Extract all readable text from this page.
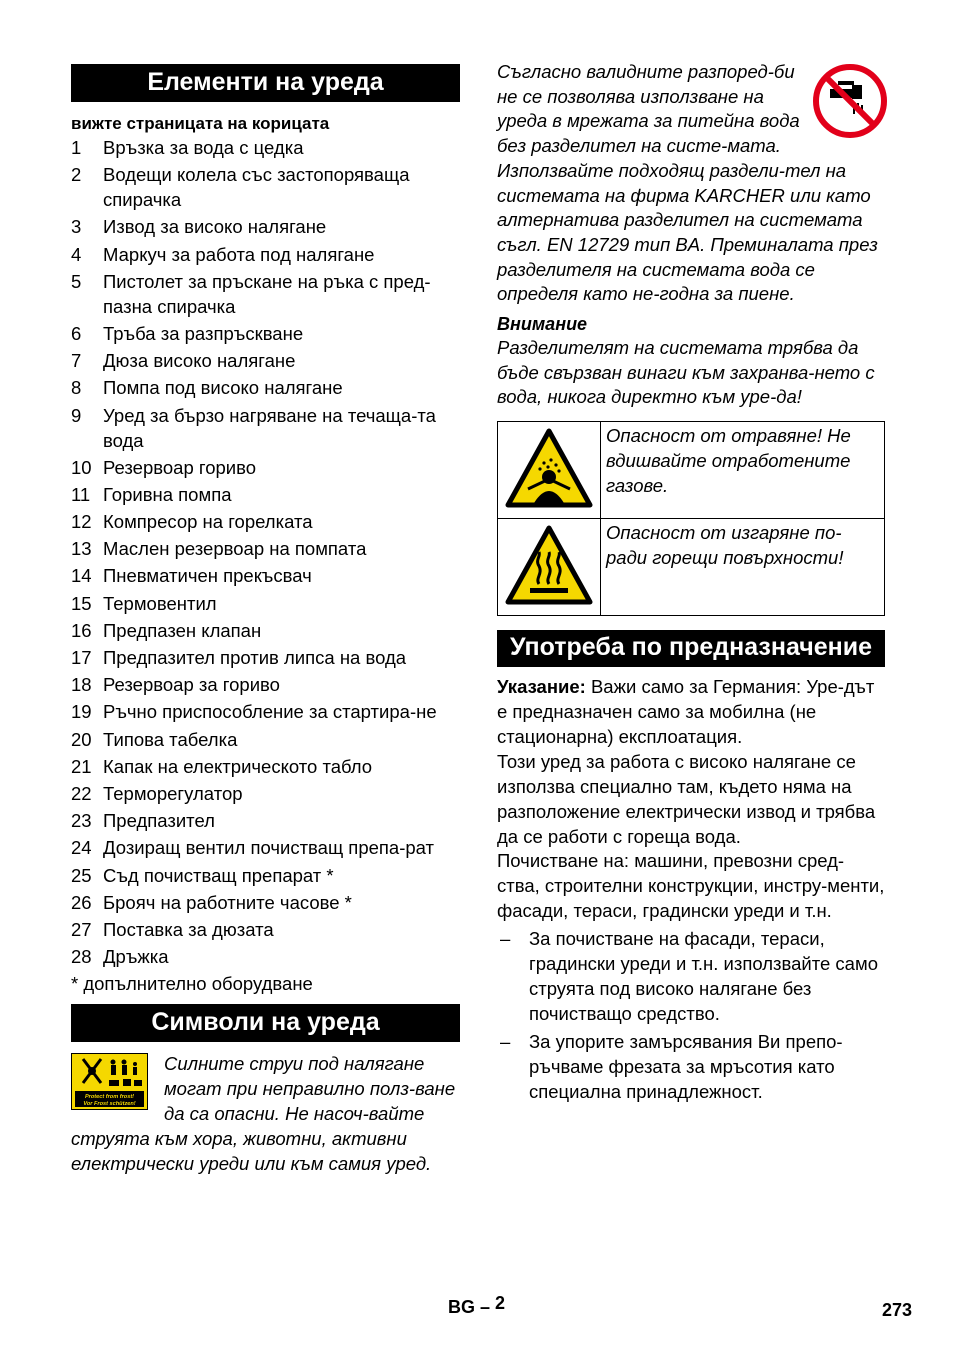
Елементи на уреда
вижте страницата на корицата
1 Връзка за вода с цедка
2 Водещи колела със застопоряваща спирачка
3 Извод за високо налягане
4 Маркуч за работа под налягане
5 Пистолет за пръскане на ръка с пред-пазна спирачка
6 Тръба за разпръскване
7 Дюза високо налягане
8 Помпа под високо налягане
9 Уред за бързо нагряване на течаща-та вода
10 Резервоар гориво
11 Горивна помпа
12 Компресор на горелката
13 Маслен резервоар на помпата
14 Пневматичен прекъсвач
15 Термовентил
16 Предпазен клапан
17 Предпазител против липса на вода
18 Резервоар за гориво
19 Ръчно приспособление за стартира-не
20 Типова табелка
21 Капак на електрическото табло
22 Терморегулатор
23 Предпазител
24 Дозиращ вентил почистващ препа-рат
25 Съд почистващ препарат *
26 Брояч на работните часове *
27 Поставка за дюзата
28 Дръжка
* допълнително оборудване
Символи на уреда
Protect from frost!
Vor Frost schützen!
Силните струи под налягане могат при неправилно полз-ване да са опасни. Не насоч-вайте струята към хора, животни, активни електрически уреди или към самия уред.
Съгласно валидните разпоред-би не се позволява използване на уреда в мрежата за питейна вода без разделител на систе-мата. Използвайте подходящ раздели-тел на системата на фирма KARCHER или като алтернатива разделител на системата съгл. EN 12729 тип BA. Преминалата през разделителя на системата вода се определя като не-годна за пиене.
Внимание
Разделителят на системата трябва да бъде свързван винаги към захранва-нето с вода, никога директно към уре-да!
	Опасност от отравяне! Не вдишвайте отработените газове.
	Опасност от изгаряне по-ради горещи повърхности!
Употреба по предназначение
Указание: Важи само за Германия: Уре-дът е предназначен само за мобилна (не стационарна) експлоатация.
Този уред за работа с високо налягане се използва специално там, където няма на разположение електрически извод и трябва да се работи с гореща вода.
Почистване на: машини, превозни сред-ства, строителни конструкции, инстру-менти, фасади, тераси, градински уреди и т.н.
– За почистване на фасади, тераси, градински уреди и т.н. използвайте само струята под високо налягане без почистващо средство.
– За упорите замърсявания Ви препо-ръчваме фрезата за мръсотия като специална принадлежност.
BG – 2	273
